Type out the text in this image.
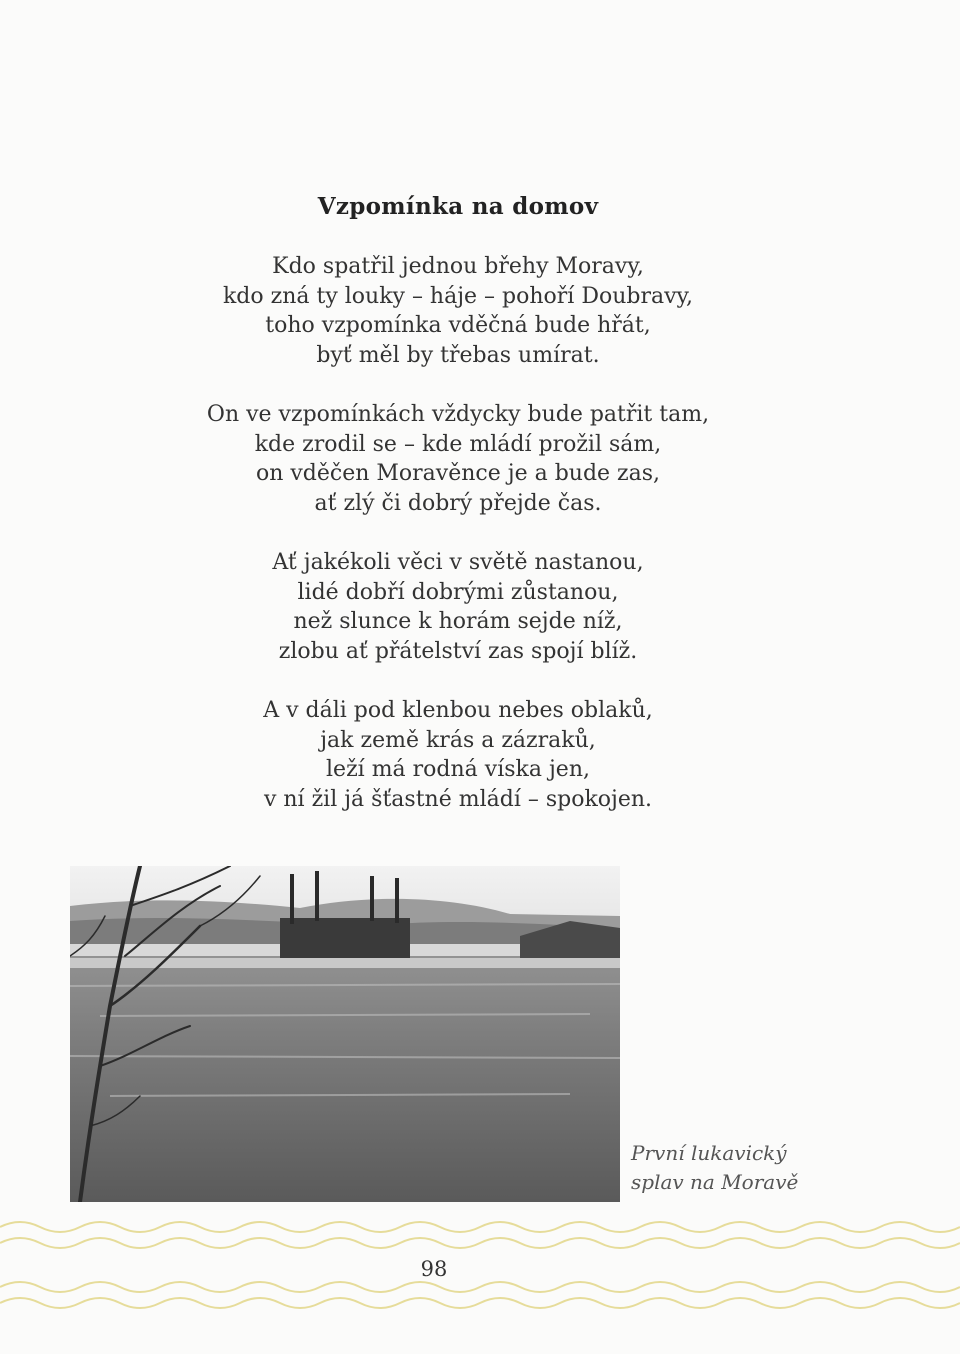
Vzpomínka na domov
Kdo spatřil jednou břehy Moravy,
kdo zná ty louky – háje – pohoří Doubravy,
toho vzpomínka vděčná bude hřát,
byť měl by třebas umírat.
On ve vzpomínkách vždycky bude patřit tam,
kde zrodil se – kde mládí prožil sám,
on vděčen Moravěnce je a bude zas,
ať zlý či dobrý přejde čas.
Ať jakékoli věci v světě nastanou,
lidé dobří dobrými zůstanou,
než slunce k horám sejde níž,
zlobu ať přátelství zas spojí blíž.
A v dáli pod klenbou nebes oblaků,
jak země krás a zázraků,
leží má rodná víska jen,
v ní žil já šťastné mládí – spokojen.
První lukavický
splav na Moravě
98
